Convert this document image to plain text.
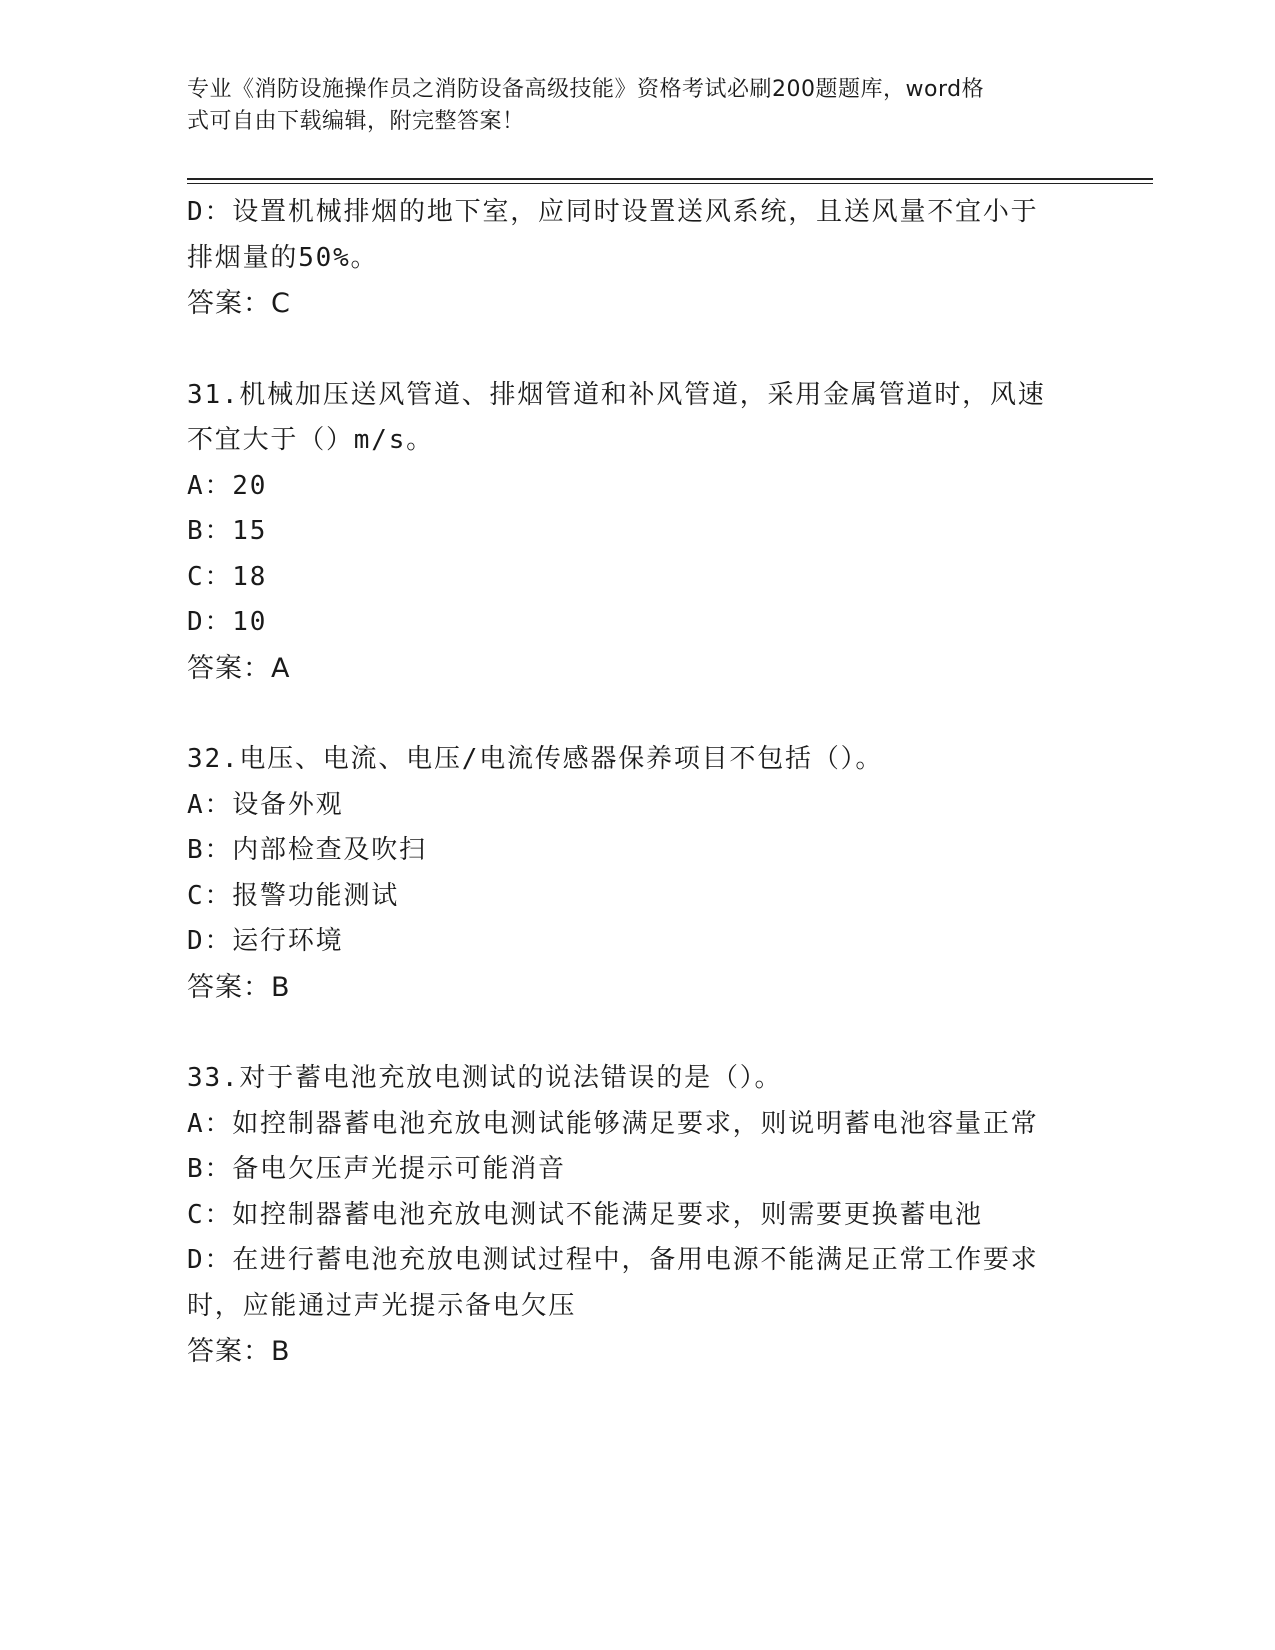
专业《消防设施操作员之消防设备高级技能》资格考试必刷200题题库，word格
式可自由下载编辑，附完整答案！

D：设置机械排烟的地下室，应同时设置送风系统，且送风量不宜小于

排烟量的50%。

答案：C

31.机械加压送风管道、排烟管道和补风管道，采用金属管道时，风速

不宜大于（）m/s。

A：20

B：15

C：18

D：10

答案：A

32.电压、电流、电压/电流传感器保养项目不包括（）。

A：设备外观

B：内部检查及吹扫

C：报警功能测试

D：运行环境

答案：B

33.对于蓄电池充放电测试的说法错误的是（）。

A：如控制器蓄电池充放电测试能够满足要求，则说明蓄电池容量正常

B：备电欠压声光提示可能消音

C：如控制器蓄电池充放电测试不能满足要求，则需要更换蓄电池

D：在进行蓄电池充放电测试过程中，备用电源不能满足正常工作要求

时，应能通过声光提示备电欠压

答案：B
